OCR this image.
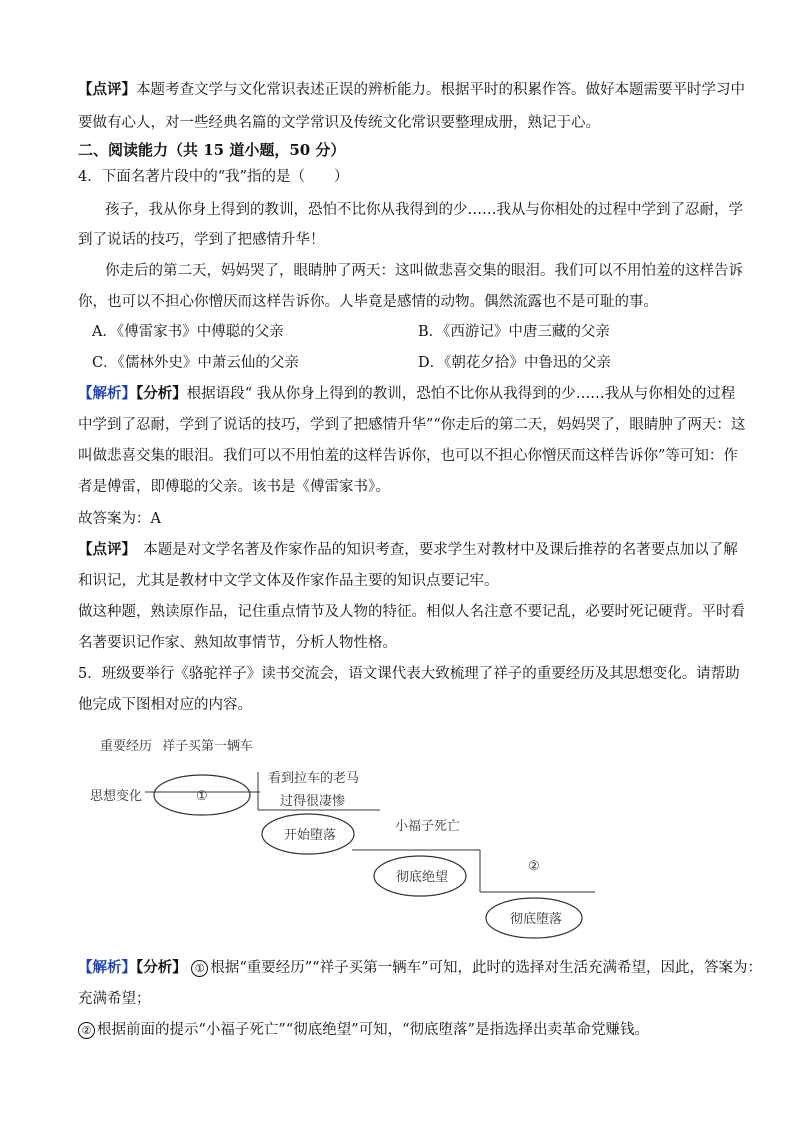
【点评】本题考查文学与文化常识表述正误的辨析能力。根据平时的积累作答。做好本题需要平时学习中
要做有心人，对一些经典名篇的文学常识及传统文化常识要整理成册，熟记于心。
二、阅读能力（共 15 道小题，50 分）
4．下面名著片段中的“我”指的是（　　）
孩子，我从你身上得到的教训，恐怕不比你从我得到的少……我从与你相处的过程中学到了忍耐，学
到了说话的技巧，学到了把感情升华！
你走后的第二天，妈妈哭了，眼睛肿了两天：这叫做悲喜交集的眼泪。我们可以不用怕羞的这样告诉
你，也可以不担心你憎厌而这样告诉你。人毕竟是感情的动物。偶然流露也不是可耻的事。
A．《傅雷家书》中傅聪的父亲	B．《西游记》中唐三藏的父亲
C．《儒林外史》中萧云仙的父亲	D．《朝花夕拾》中鲁迅的父亲
【解析】【分析】根据语段“ 我从你身上得到的教训，恐怕不比你从我得到的少……我从与你相处的过程
中学到了忍耐，学到了说话的技巧，学到了把感情升华”“你走后的第二天，妈妈哭了，眼睛肿了两天：这
叫做悲喜交集的眼泪。我们可以不用怕羞的这样告诉你，也可以不担心你憎厌而这样告诉你”等可知：作
者是傅雷，即傅聪的父亲。该书是《傅雷家书》。
故答案为：A
【点评】　本题是对文学名著及作家作品的知识考查，要求学生对教材中及课后推荐的名著要点加以了解
和识记，尤其是教材中文学文体及作家作品主要的知识点要记牢。
做这种题，熟读原作品，记住重点情节及人物的特征。相似人名注意不要记乱，必要时死记硬背。平时看
名著要识记作家、熟知故事情节，分析人物性格。
5．班级要举行《骆驼祥子》读书交流会，语文课代表大致梳理了祥子的重要经历及其思想变化。请帮助
他完成下图相对应的内容。
重要经历 祥子买第一辆车
思想变化	①
看到拉车的老马
过得很凄惨
开始堕落
小福子死亡
彻底绝望
②
彻底堕落
【解析】【分析】 ① 根据“重要经历”“祥子买第一辆车”可知，此时的选择对生活充满希望，因此，答案为：
充满希望；
② 根据前面的提示“小福子死亡”“彻底绝望”可知，“彻底堕落”是指选择出卖革命党赚钱。
